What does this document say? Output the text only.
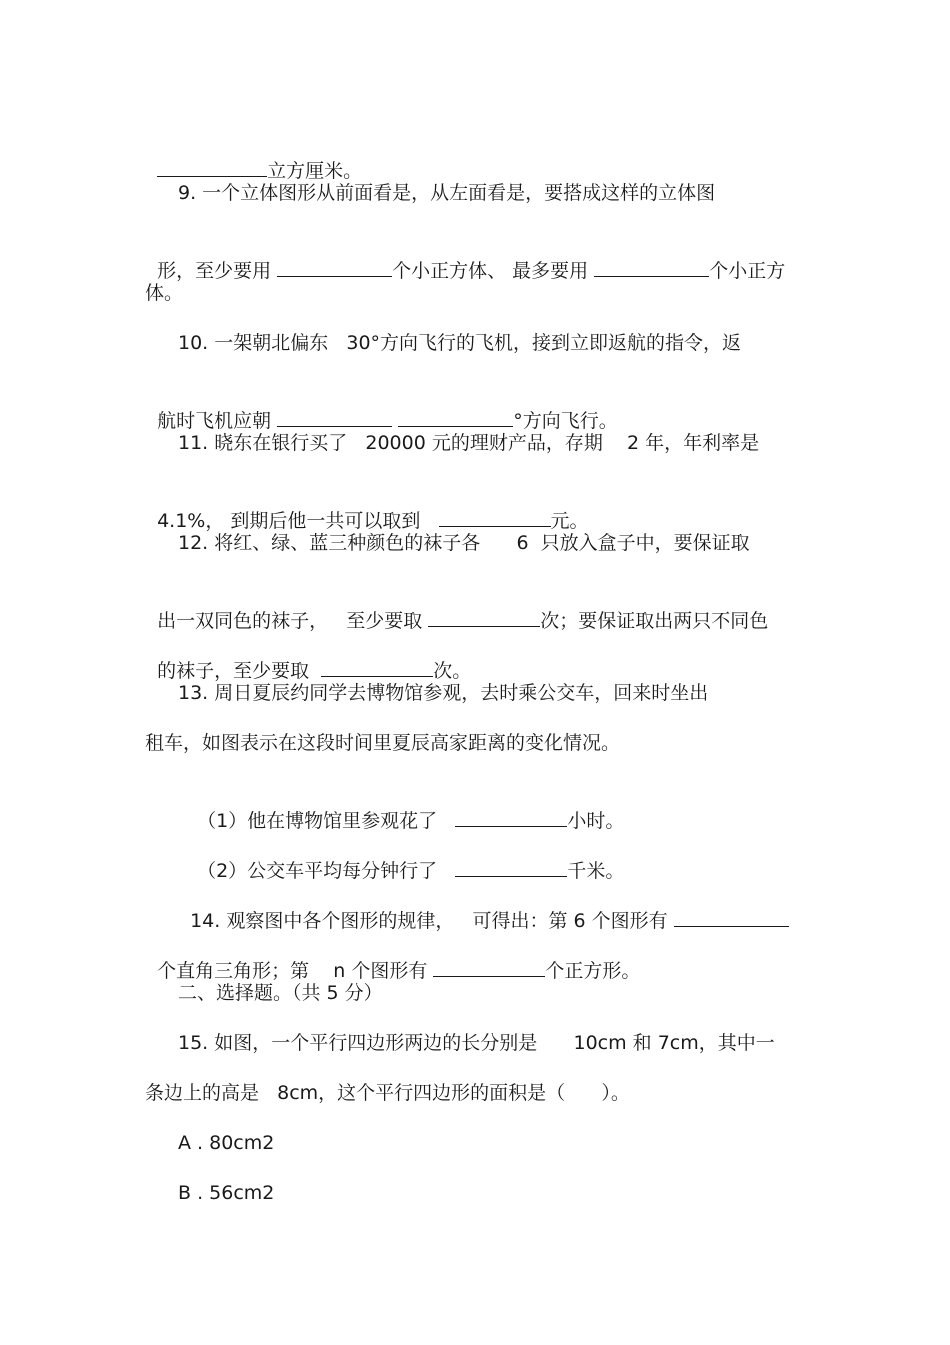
立方厘米。

9. 一个立体图形从前面看是，从左面看是，要搭成这样的立体图

形，至少要用	个小正方体、 最多要用	个小正方

体。
10. 一架朝北偏东   30°方向飞行的飞机，接到立即返航的指令，返

航时飞机应朝	°方向飞行。

11. 晓东在银行买了   20000 元的理财产品，存期    2 年，年利率是

4.1%， 到期后他一共可以取到	元。

12. 将红、绿、蓝三种颜色的袜子各      6  只放入盒子中，要保证取

出一双同色的袜子，   至少要取	次；要保证取出两只不同色

的袜子，至少要取	次。

13. 周日夏辰约同学去博物馆参观，去时乘公交车，回来时坐出
租车，如图表示在这段时间里夏辰高家距离的变化情况。

（1）他在博物馆里参观花了	小时。

（2）公交车平均每分钟行了	千米。

14. 观察图中各个图形的规律，   可得出：第 6 个图形有

个直角三角形；第    n 个图形有	个正方形。

二、选择题。（共 5 分）
15. 如图，一个平行四边形两边的长分别是      10cm 和 7cm，其中一
条边上的高是   8cm，这个平行四边形的面积是（      ）。
A . 80cm2
B . 56cm2
